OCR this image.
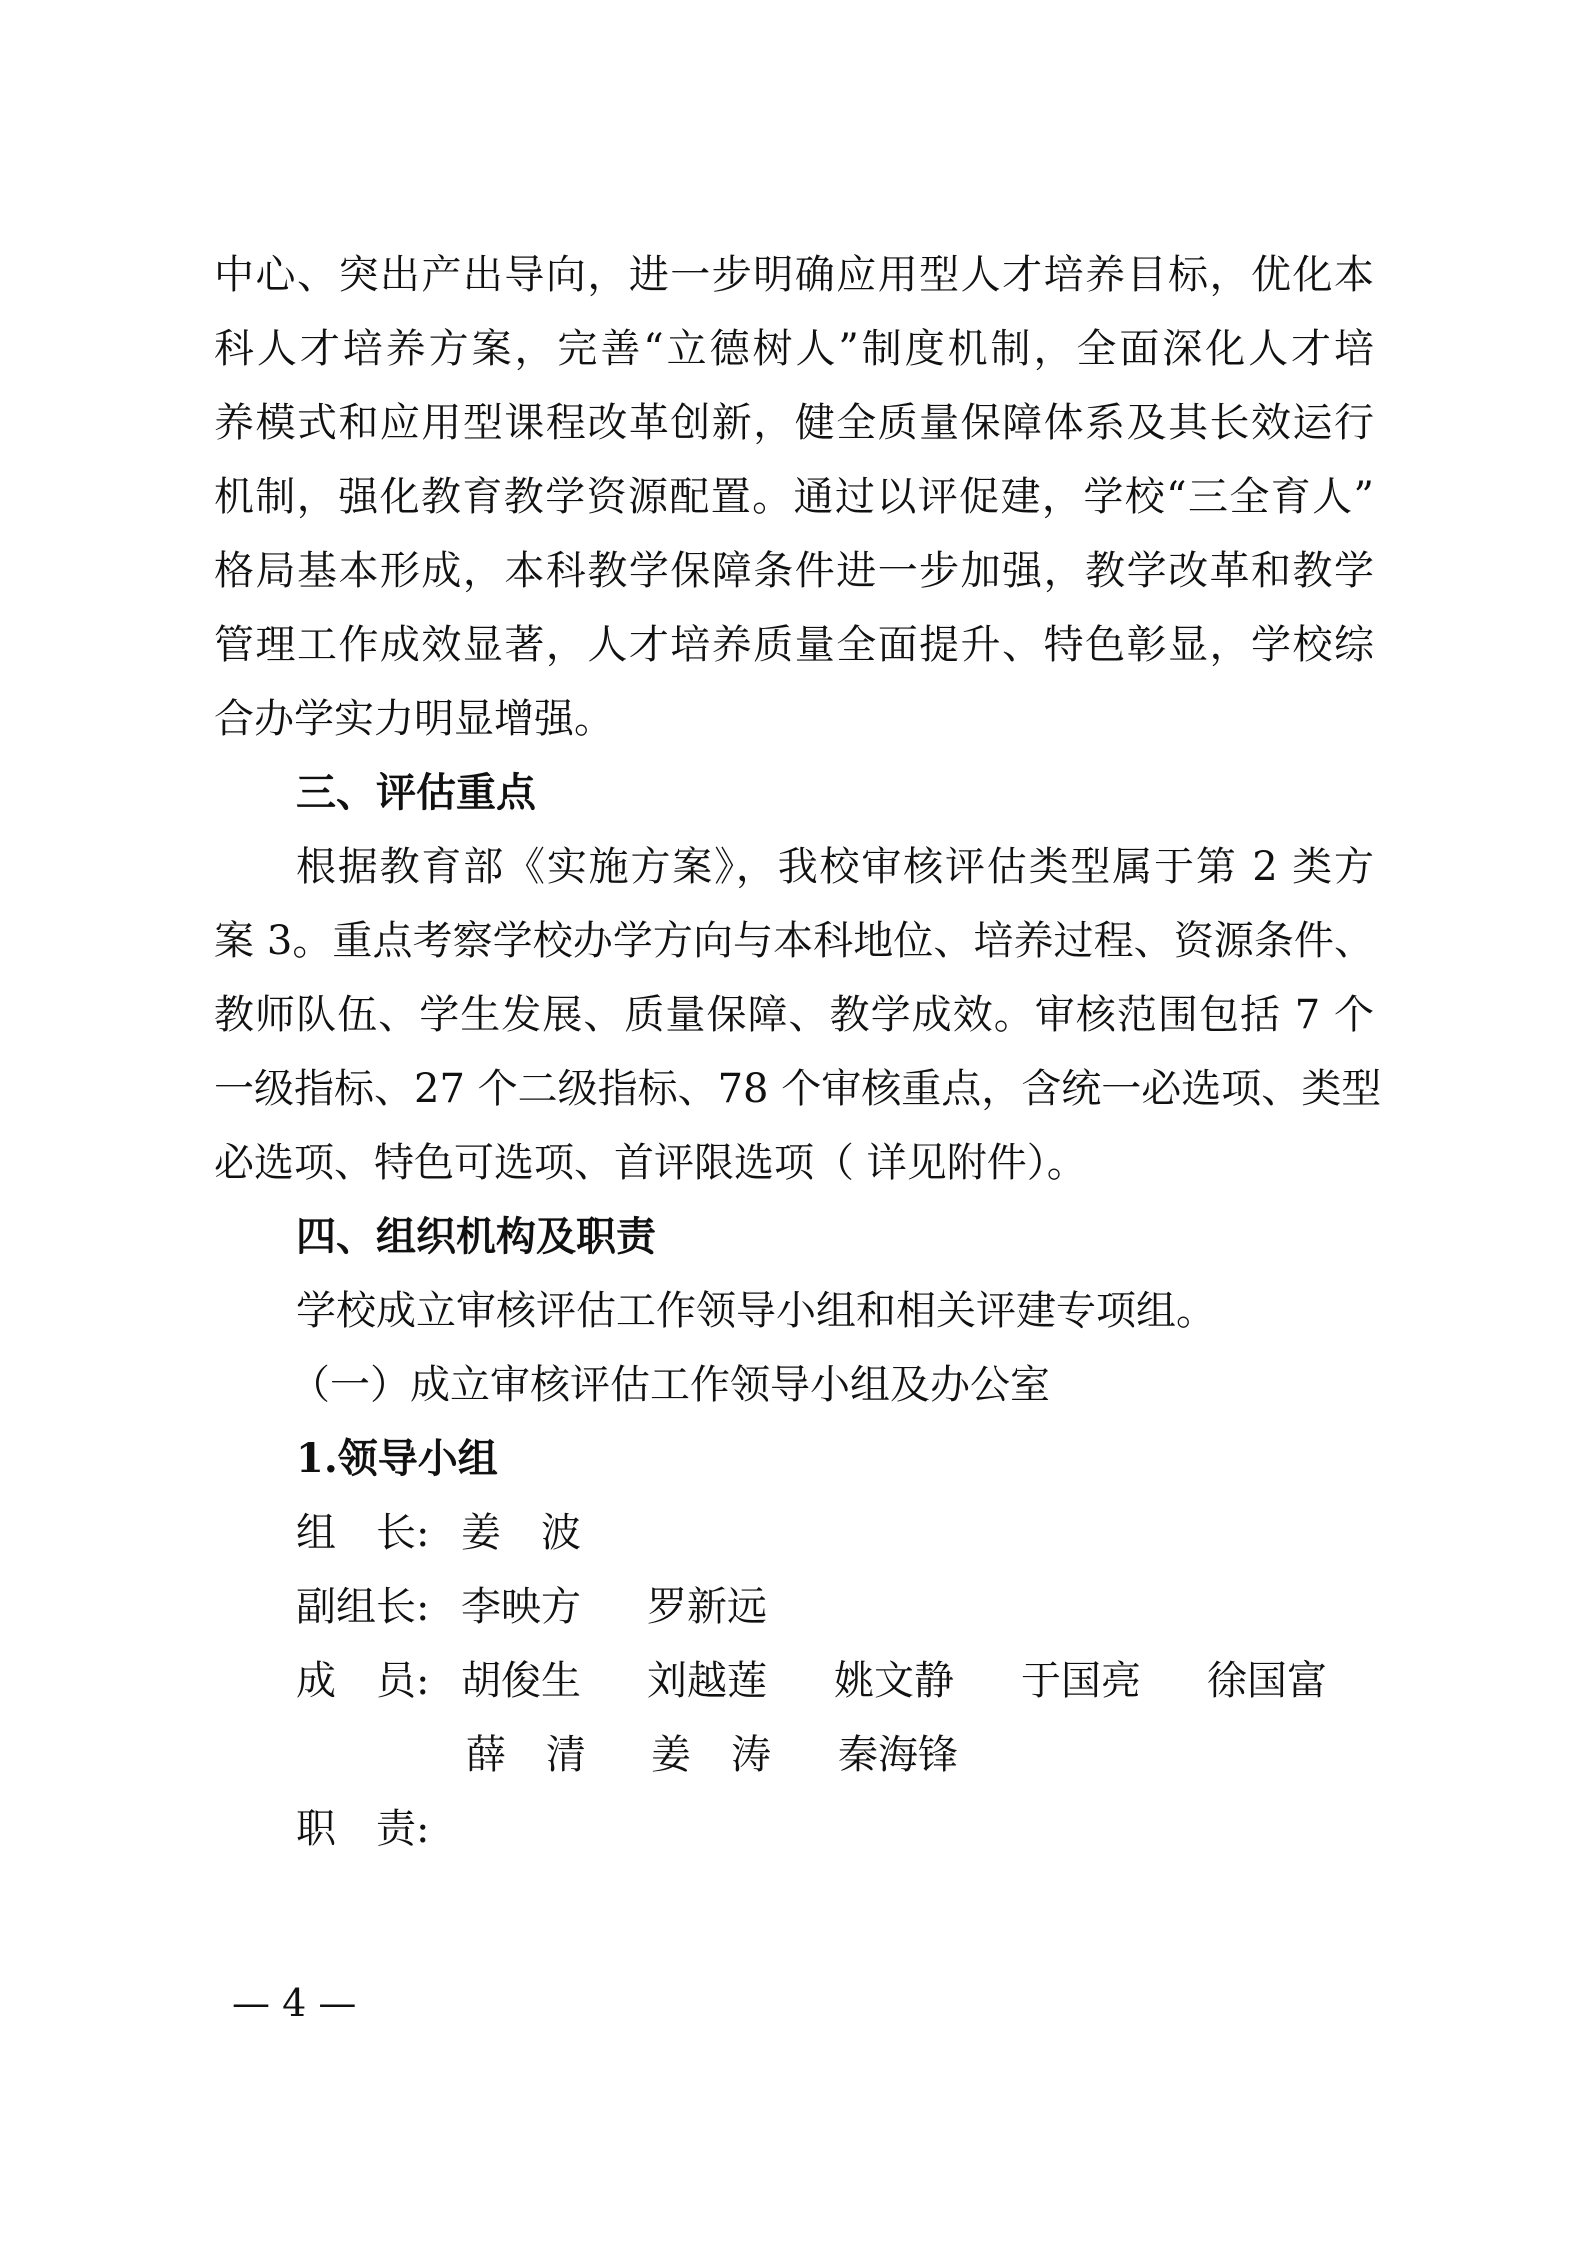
中心、突出产出导向，进一步明确应用型人才培养目标，优化本
科人才培养方案，完善“立德树人”制度机制，全面深化人才培
养模式和应用型课程改革创新，健全质量保障体系及其长效运行
机制，强化教育教学资源配置。通过以评促建，学校“三全育人”
格局基本形成，本科教学保障条件进一步加强，教学改革和教学
管理工作成效显著，人才培养质量全面提升、特色彰显，学校综
合办学实力明显增强。
三、评估重点
根据教育部《实施方案》，我校审核评估类型属于第 2 类方
案 3。重点考察学校办学方向与本科地位、培养过程、资源条件、
教师队伍、学生发展、质量保障、教学成效。审核范围包括 7 个
一级指标、27 个二级指标、78 个审核重点，含统一必选项、类型
必选项、特色可选项、首评限选项（ 详见附件）。
四、组织机构及职责
学校成立审核评估工作领导小组和相关评建专项组。
（一）成立审核评估工作领导小组及办公室
1.领导小组
组　长: 姜　波
副组长: 李映方 罗新远
成　员: 胡俊生 刘越莲 姚文静 于国亮 徐国富
薛　清 姜　涛 秦海锋
职　责:
— 4 —
